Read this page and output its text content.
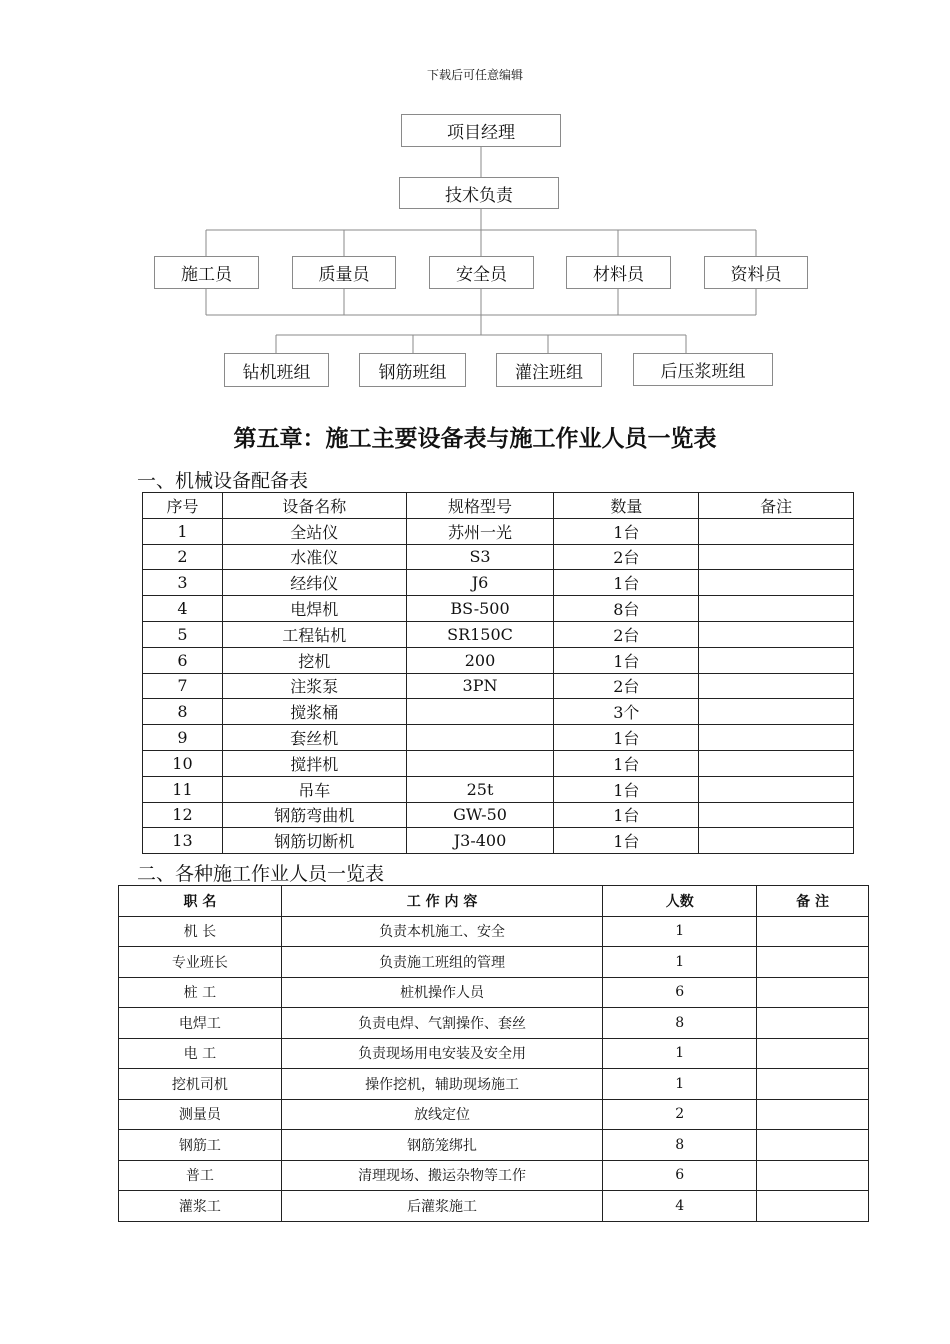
下载后可任意编辑
项目经理
技术负责
施工员	质量员	安全员	材料员	资料员
钻机班组	钢筋班组	灌注班组	后压浆班组
第五章：施工主要设备表与施工作业人员一览表
一、机械设备配备表
序号	设备名称	规格型号	数量	备注
1	全站仪	苏州一光	1台	
2	水准仪	S3	2台	
3	经纬仪	J6	1台	
4	电焊机	BS-500	8台	
5	工程钻机	SR150C	2台	
6	挖机	200	1台	
7	注浆泵	3PN	2台	
8	搅浆桶		3个	
9	套丝机		1台	
10	搅拌机		1台	
11	吊车	25t	1台	
12	钢筋弯曲机	GW-50	1台	
13	钢筋切断机	J3-400	1台	
二、各种施工作业人员一览表
职 名	工 作 内 容	人数	备 注
机 长	负责本机施工、安全	1	
专业班长	负责施工班组的管理	1	
桩 工	桩机操作人员	6	
电焊工	负责电焊、气割操作、套丝	8	
电 工	负责现场用电安装及安全用	1	
挖机司机	操作挖机，辅助现场施工	1	
测量员	放线定位	2	
钢筋工	钢筋笼绑扎	8	
普工	清理现场、搬运杂物等工作	6	
灌浆工	后灌浆施工	4	
